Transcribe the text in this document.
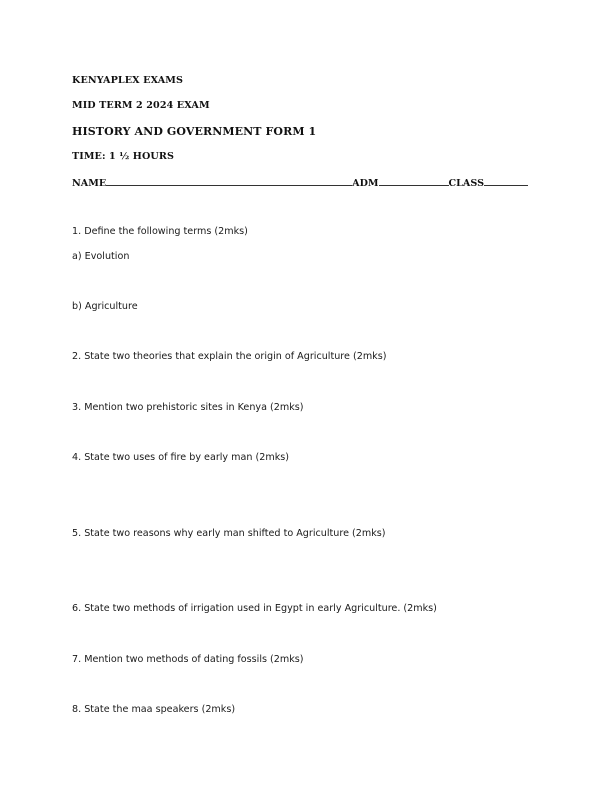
KENYAPLEX EXAMS
MID TERM 2 2024 EXAM
HISTORY AND GOVERNMENT FORM 1
TIME: 1 ½ HOURS
NAME	ADM	CLASS
1. Define the following terms (2mks)
a) Evolution
b) Agriculture
2. State two theories that explain the origin of Agriculture (2mks)
3. Mention two prehistoric sites in Kenya (2mks)
4. State two uses of fire by early man (2mks)
5. State two reasons why early man shifted to Agriculture (2mks)
6. State two methods of irrigation used in Egypt in early Agriculture. (2mks)
7. Mention two methods of dating fossils (2mks)
8. State the maa speakers (2mks)
